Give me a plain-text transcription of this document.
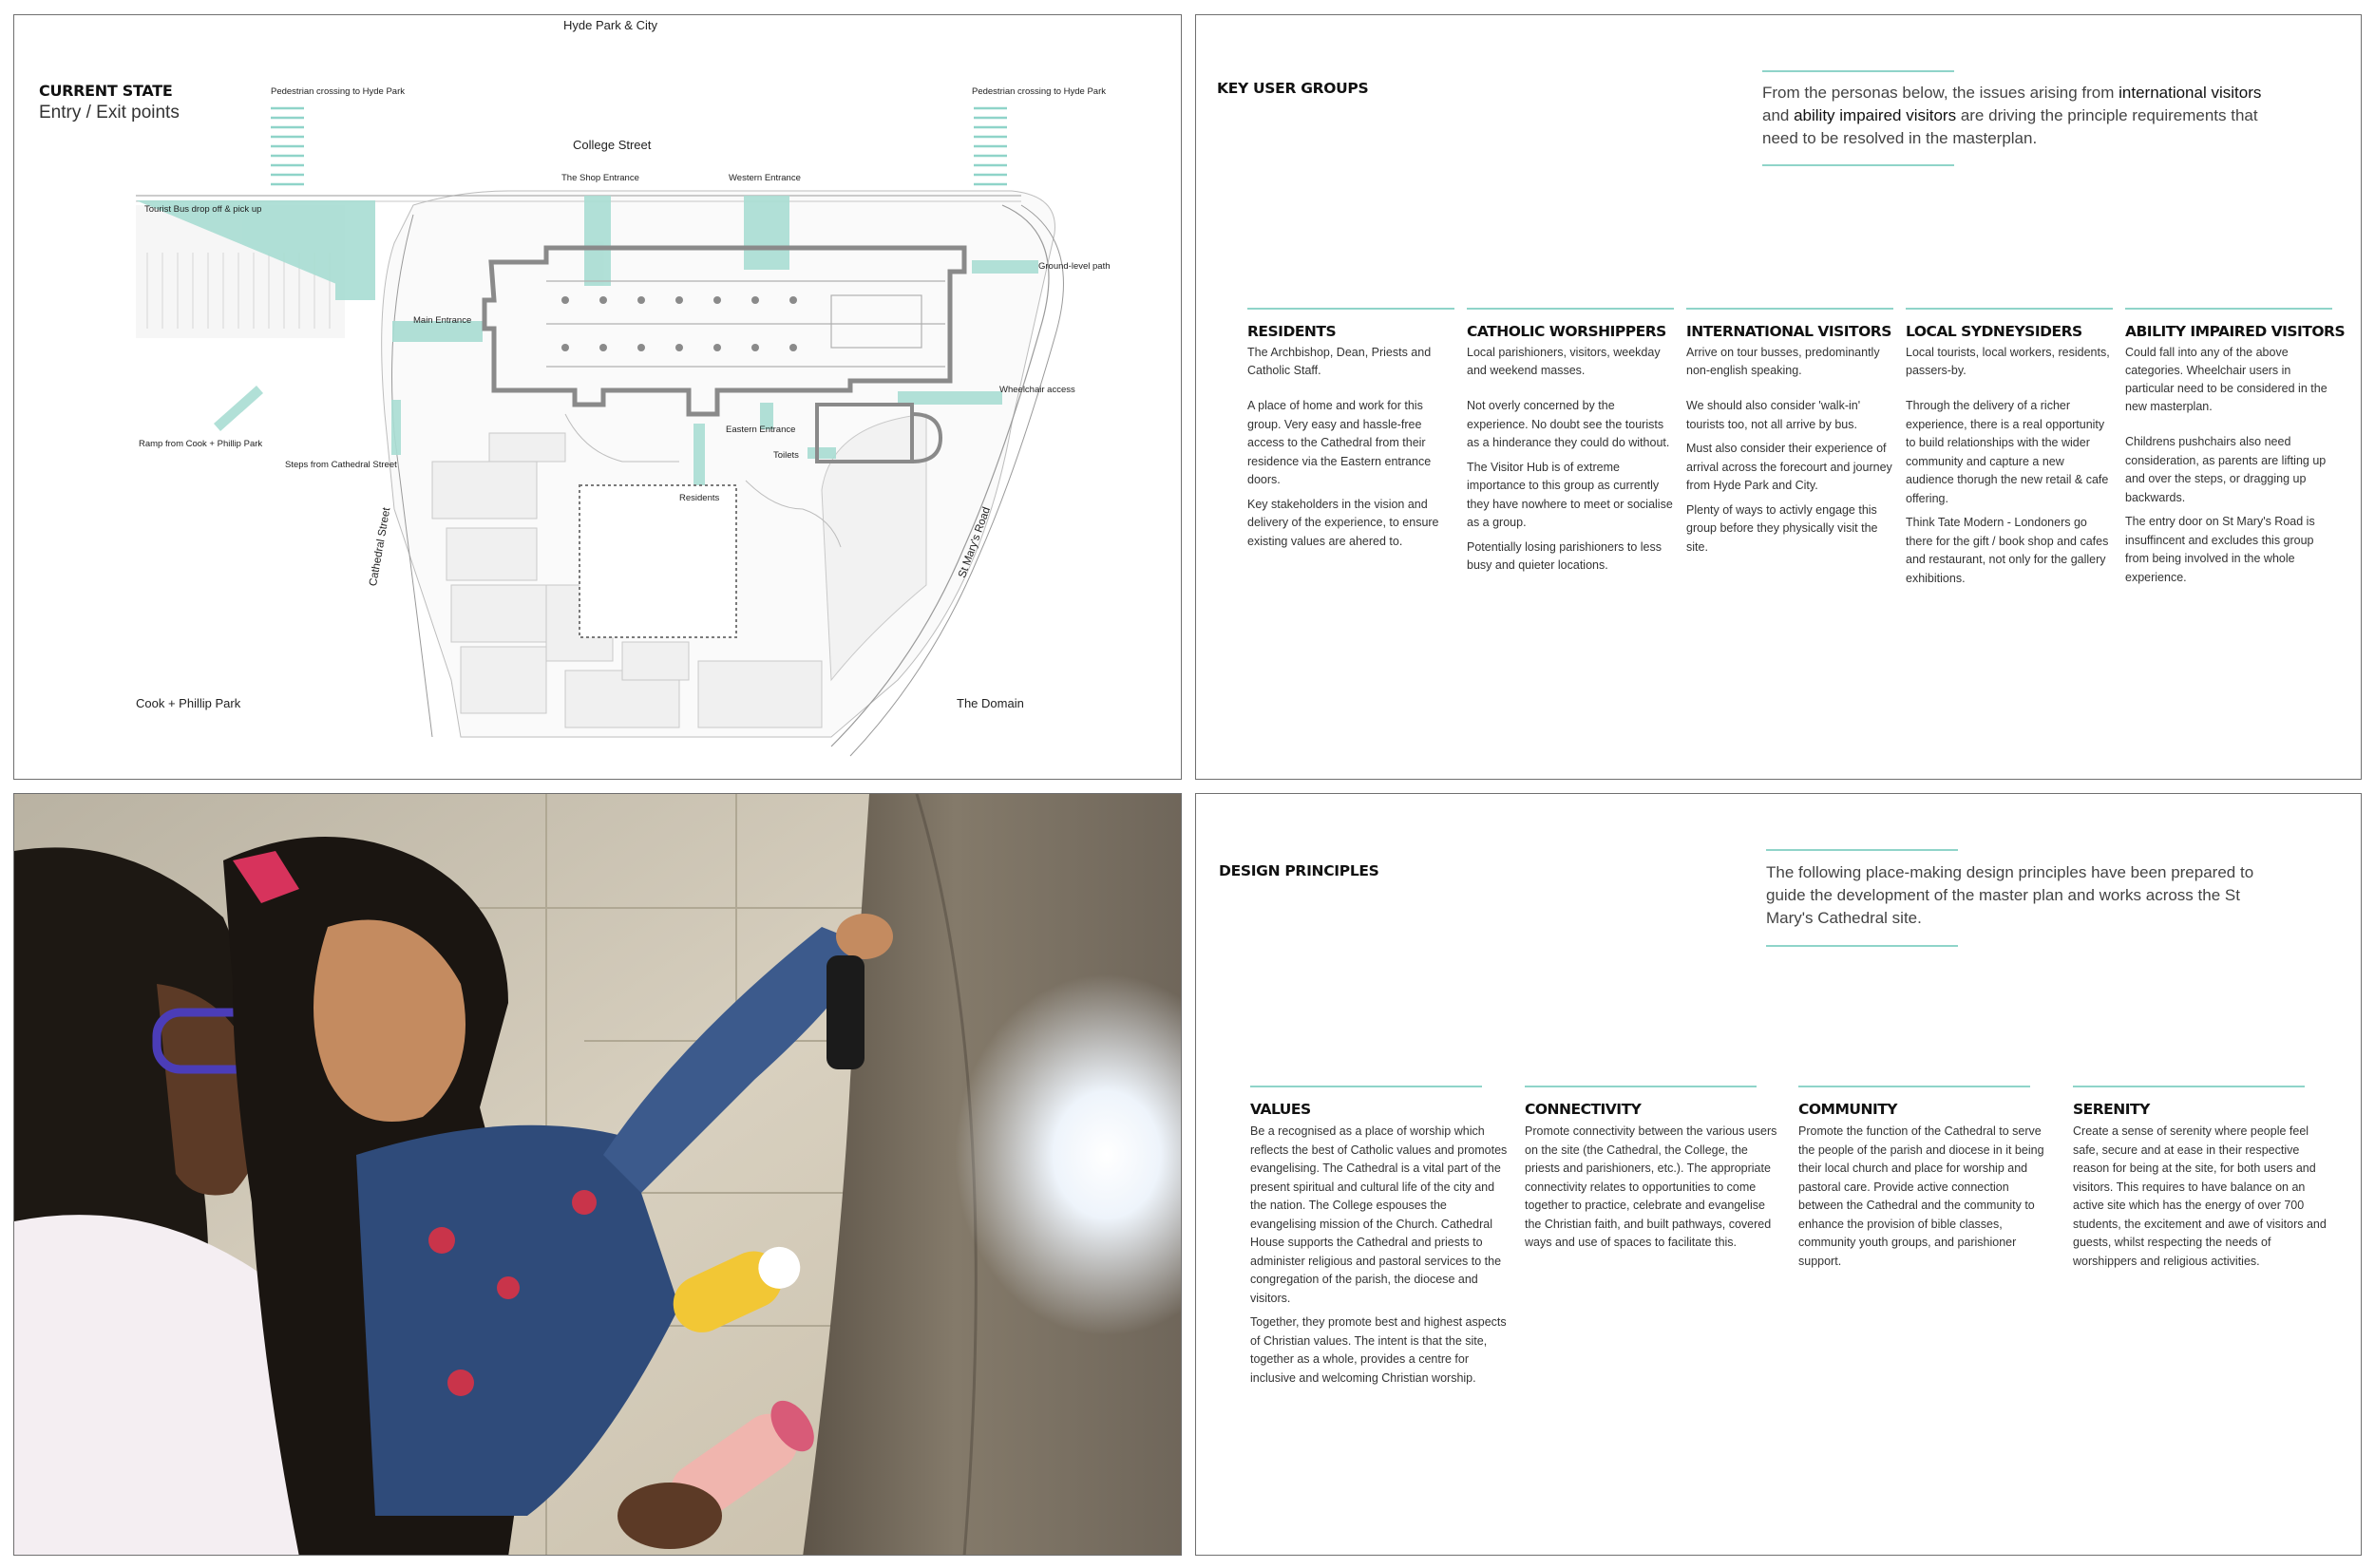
CURRENT STATE
Entry / Exit points
Hyde Park & City
College Street
Pedestrian crossing to Hyde Park	Pedestrian crossing to Hyde Park
The Shop Entrance	Western Entrance
Tourist Bus drop off & pick up
Ground-level path
Main Entrance
Wheelchair access
Eastern Entrance
Toilets
Ramp from Cook + Phillip Park
Steps from Cathedral Street
Residents
Cathedral Street	St Mary's Road
Cook + Phillip Park	The Domain
KEY USER GROUPS	From the personas below, the issues arising from international visitors and ability impaired visitors are driving the principle requirements that need to be resolved in the masterplan.
RESIDENTS
The Archbishop, Dean, Priests and Catholic Staff.

A place of home and work for this group. Very easy and hassle-free access to the Cathedral from their residence via the Eastern entrance doors.

Key stakeholders in the vision and delivery of the experience, to ensure existing values are ahered to.

CATHOLIC WORSHIPPERS
Local parishioners, visitors, weekday and weekend masses.

Not overly concerned by the experience. No doubt see the tourists as a hinderance they could do without.

The Visitor Hub is of extreme importance to this group as currently they have nowhere to meet or socialise as a group.

Potentially losing parishioners to less busy and quieter locations.

INTERNATIONAL VISITORS
Arrive on tour busses, predominantly non-english speaking.

We should also consider 'walk-in' tourists too, not all arrive by bus.

Must also consider their experience of arrival across the forecourt and journey from Hyde Park and City.

Plenty of ways to activly engage this group before they physically visit the site.

LOCAL SYDNEYSIDERS
Local tourists, local workers, residents, passers-by.

Through the delivery of a richer experience, there is a real opportunity to build relationships with the wider community and capture a new audience thorugh the new retail & cafe offering.

Think Tate Modern - Londoners go there for the gift / book shop and cafes and restaurant, not only for the gallery exhibitions.

ABILITY IMPAIRED VISITORS
Could fall into any of the above categories. Wheelchair users in particular need to be considered in the new masterplan.

Childrens pushchairs also need consideration, as parents are lifting up and over the steps, or dragging up backwards.

The entry door on St Mary's Road is insuffincent and excludes this group from being involved in the whole experience.

DESIGN PRINCIPLES	The following place-making design principles have been prepared to guide the development of the master plan and works across the St Mary's Cathedral site.
VALUES

Be a recognised as a place of worship which reflects the best of Catholic values and promotes evangelising. The Cathedral is a vital part of the present spiritual and cultural life of the city and the nation. The College espouses the evangelising mission of the Church. Cathedral House supports the Cathedral and priests to administer religious and pastoral services to the congregation of the parish, the diocese and visitors.

Together, they promote best and highest aspects of Christian values. The intent is that the site, together as a whole, provides a centre for inclusive and welcoming Christian worship.

CONNECTIVITY

Promote connectivity between the various users on the site (the Cathedral, the College, the priests and parishioners, etc.). The appropriate connectivity relates to opportunities to come together to practice, celebrate and evangelise the Christian faith, and built pathways, covered ways and use of spaces to facilitate this.

COMMUNITY

Promote the function of the Cathedral to serve the people of the parish and diocese in it being their local church and place for worship and pastoral care. Provide active connection between the Cathedral and the community to enhance the provision of bible classes, community youth groups, and parishioner support.

SERENITY

Create a sense of serenity where people feel safe, secure and at ease in their respective reason for being at the site, for both users and visitors. This requires to have balance on an active site which has the energy of over 700 students, the excitement and awe of visitors and guests, whilst respecting the needs of worshippers and religious activities.
